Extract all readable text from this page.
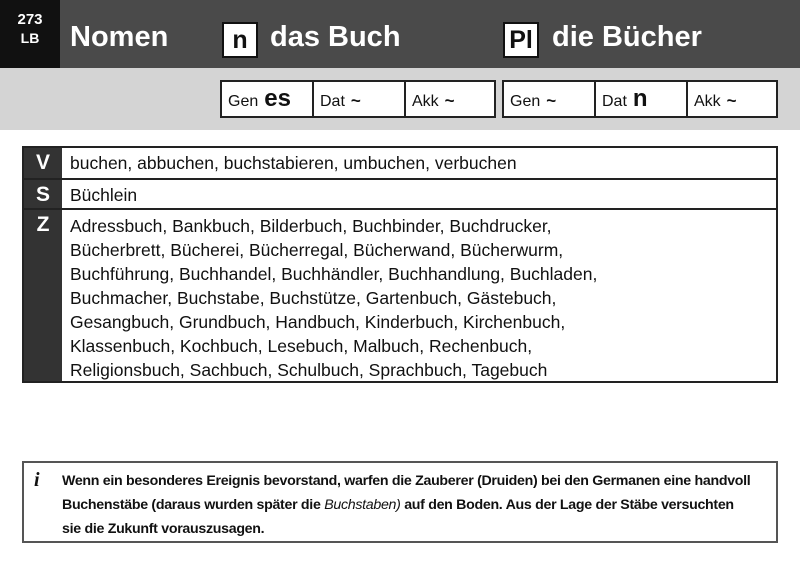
273
LB	Nomen	n das Buch	Pl die Bücher
Gen es Dat ~	Akk ~	Gen ~	Dat n	Akk ~
V	buchen, abbuchen, buchstabieren, umbuchen, verbuchen
S	Büchlein
Z	Adressbuch, Bankbuch, Bilderbuch, Buchbinder, Buchdrucker,
Bücherbrett, Bücherei, Bücherregal, Bücherwand, Bücherwurm,
Buchführung, Buchhandel, Buchhändler, Buchhandlung, Buchladen,
Buchmacher, Buchstabe, Buchstütze, Gartenbuch, Gästebuch,
Gesangbuch, Grundbuch, Handbuch, Kinderbuch, Kirchenbuch,
Klassenbuch, Kochbuch, Lesebuch, Malbuch, Rechenbuch,
Religionsbuch, Sachbuch, Schulbuch, Sprachbuch, Tagebuch
i Wenn ein besonderes Ereignis bevorstand, warfen die Zauberer (Druiden) bei den Germanen eine handvoll
Buchenstäbe (daraus wurden später die Buchstaben) auf den Boden. Aus der Lage der Stäbe versuchten
sie die Zukunft vorauszusagen.
